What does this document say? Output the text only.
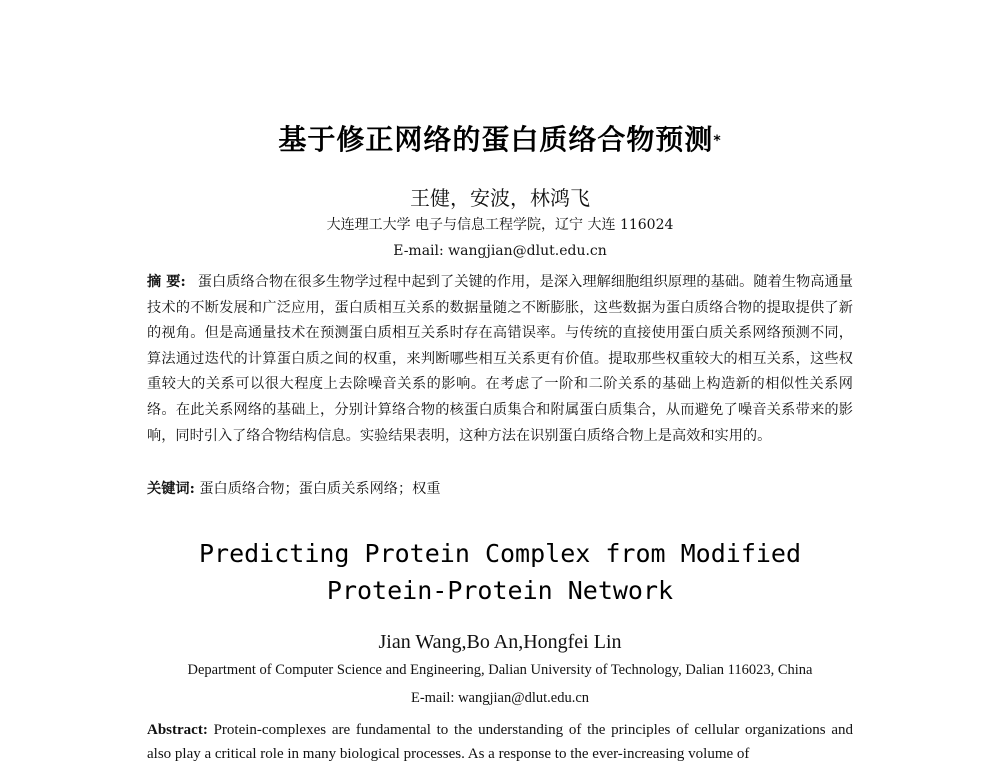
基于修正网络的蛋白质络合物预测*
王健，安波，林鸿飞
大连理工大学 电子与信息工程学院，辽宁 大连 116024
E-mail: wangjian@dlut.edu.cn
摘 要: 蛋白质络合物在很多生物学过程中起到了关键的作用，是深入理解细胞组织原理的基础。随着生物高通量技术的不断发展和广泛应用，蛋白质相互关系的数据量随之不断膨胀，这些数据为蛋白质络合物的提取提供了新的视角。但是高通量技术在预测蛋白质相互关系时存在高错误率。与传统的直接使用蛋白质关系网络预测不同，算法通过迭代的计算蛋白质之间的权重，来判断哪些相互关系更有价值。提取那些权重较大的相互关系，这些权重较大的关系可以很大程度上去除噪音关系的影响。在考虑了一阶和二阶关系的基础上构造新的相似性关系网络。在此关系网络的基础上，分别计算络合物的核蛋白质集合和附属蛋白质集合，从而避免了噪音关系带来的影响，同时引入了络合物结构信息。实验结果表明，这种方法在识别蛋白质络合物上是高效和实用的。
关键词: 蛋白质络合物；蛋白质关系网络；权重
Predicting Protein Complex from Modified
Protein-Protein Network
Jian Wang,Bo An,Hongfei Lin
Department of Computer Science and Engineering, Dalian University of Technology, Dalian 116023, China
E-mail: wangjian@dlut.edu.cn
Abstract: Protein-complexes are fundamental to the understanding of the principles of cellular organizations and also play a critical role in many biological processes. As a response to the ever-increasing volume of
